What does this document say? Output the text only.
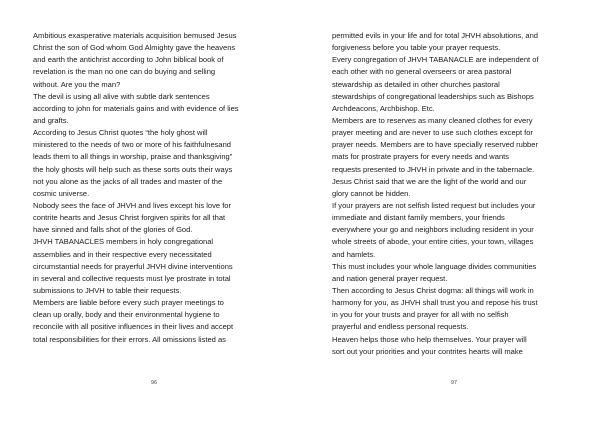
Ambitious exasperative materials acquisition bemused Jesus
Christ the son of God whom God Almighty gave the heavens
and earth the antichrist according to John biblical book of
revelation is the man no one can do buying and selling
without. Are you the man?
The devil is using all alive with subtle dark sentences
according to john for materials gains and with evidence of lies
and grafts.
According to Jesus Christ quotes “the holy ghost will
ministered to the needs of two or more of his faithfulnesand
leads them to all things in worship, praise and thanksgiving”
the holy ghosts will help such as these sorts outs their ways
not you alone as the jacks of all trades and master of the
cosmic universe.
Nobody sees the face of JHVH and lives except his love for
contrite hearts and Jesus Christ forgiven spirits for all that
have sinned and falls shot of the glories of God.
JHVH TABANACLES members in holy congregational
assemblies and in their respective every necessitated
circumstantial needs for prayerful JHVH divine interventions
in several and collective requests must lye prostrate in total
submissions to JHVH to table their requests.
Members are liable before every such prayer meetings to
clean up orally, body and their environmental hygiene to
reconcile with all positive influences in their lives and accept
total responsibilities for their errors. All omissions listed as
96
permitted evils in your life and for total JHVH absolutions, and
forgiveness before you table your prayer requests.
Every congregation of JHVH TABANACLE are independent of
each other with no general overseers or area pastoral
stewardship as detailed in other churches pastoral
stewardships of congregational leaderships such as Bishops
Archdeacons, Archbishop. Etc.
Members are to reserves as many cleaned clothes for every
prayer meeting and are never to use such clothes except for
prayer needs. Members are to have specially reserved rubber
mats for prostrate prayers for every needs and wants
requests presented to JHVH in private and in the tabernacle.
Jesus Christ said that we are the light of the world and our
glory cannot be hidden.
If your prayers are not selfish listed request but includes your
immediate and distant family members, your friends
everywhere your go and neighbors including resident in your
whole streets of abode, your entire cities, your town, villages
and hamlets.
This must includes your whole language divides communities
and nation general prayer request.
Then according to Jesus Christ dogma: all things will work in
harmony for you, as JHVH shall trust you and repose his trust
in you for your trusts and prayer for all with no selfish
prayerful and endless personal requests.
Heaven helps those who help themselves. Your prayer will
sort out your priorities and your contrites hearts will make
97
